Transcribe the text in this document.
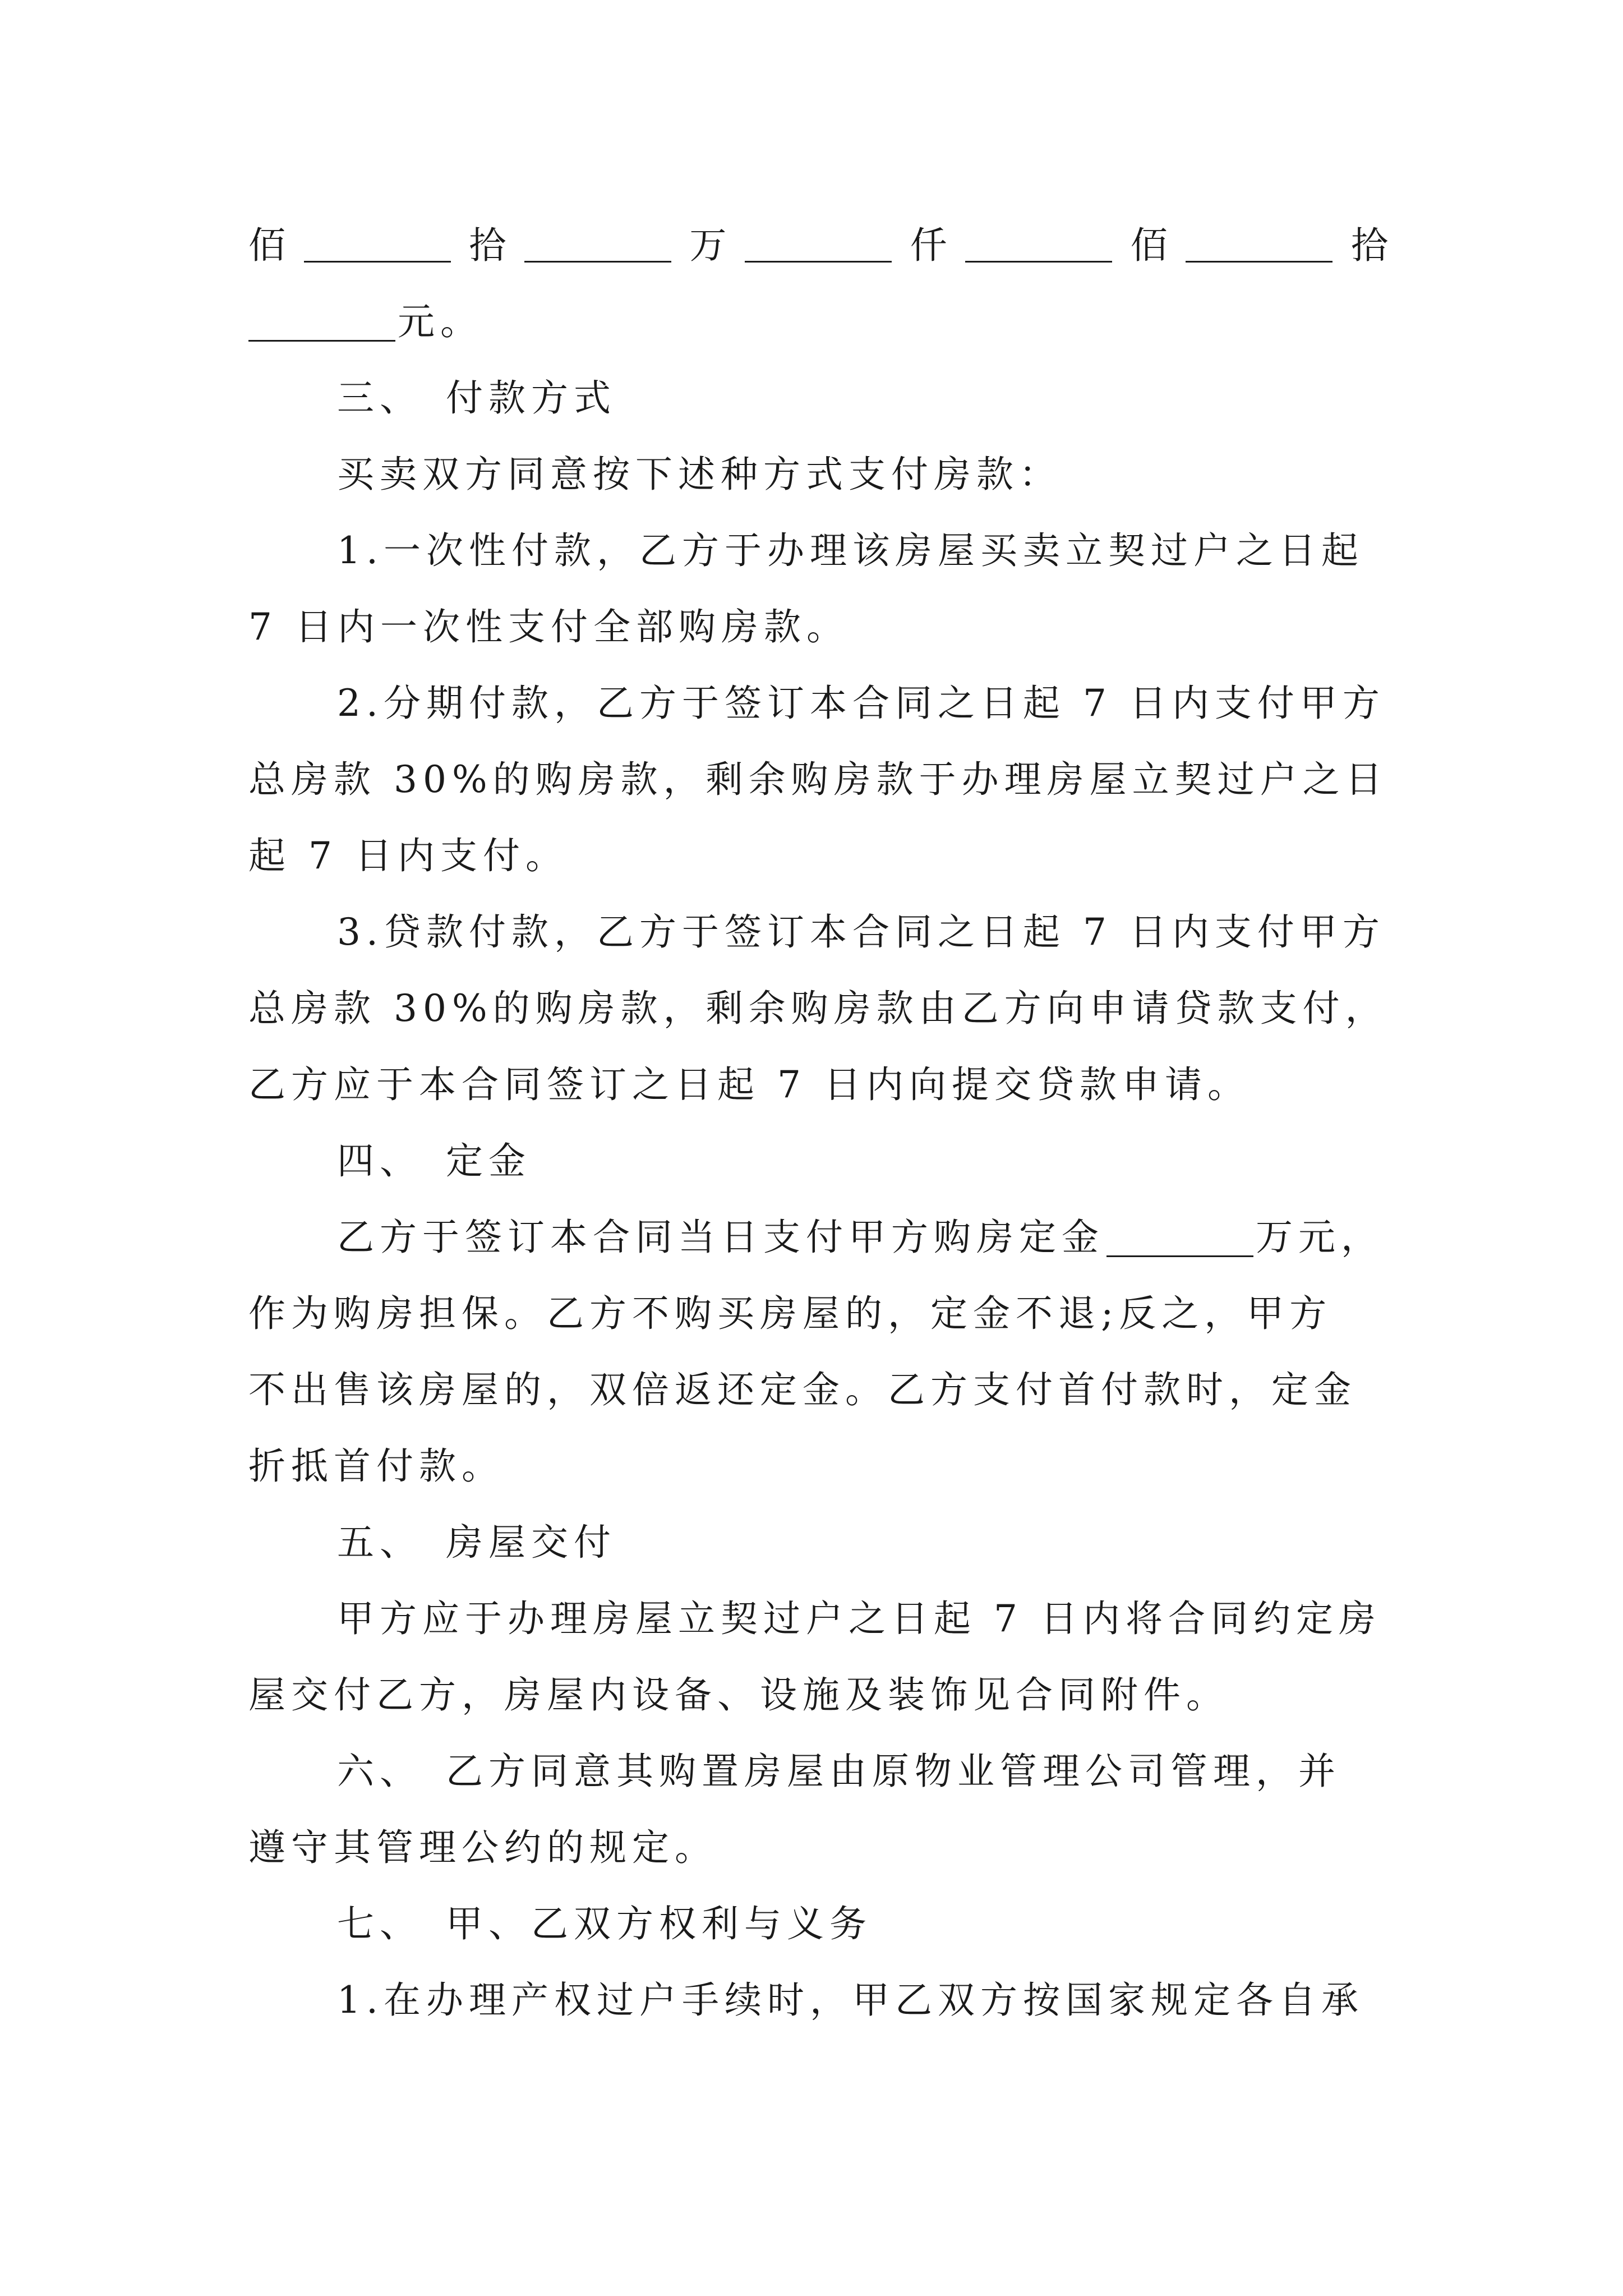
佰	拾	万	仟	佰	拾
元。
三、 付款方式
买卖双方同意按下述种方式支付房款：
1.一次性付款，乙方于办理该房屋买卖立契过户之日起
7 日内一次性支付全部购房款。
2.分期付款，乙方于签订本合同之日起 7 日内支付甲方
总房款 30%的购房款，剩余购房款于办理房屋立契过户之日
起 7 日内支付。
3.贷款付款，乙方于签订本合同之日起 7 日内支付甲方
总房款 30%的购房款，剩余购房款由乙方向申请贷款支付，
乙方应于本合同签订之日起 7 日内向提交贷款申请。
四、 定金
乙方于签订本合同当日支付甲方购房定金	万元，
作为购房担保。乙方不购买房屋的，定金不退;反之，甲方
不出售该房屋的，双倍返还定金。乙方支付首付款时，定金
折抵首付款。
五、 房屋交付
甲方应于办理房屋立契过户之日起 7 日内将合同约定房
屋交付乙方，房屋内设备、设施及装饰见合同附件。
六、 乙方同意其购置房屋由原物业管理公司管理，并
遵守其管理公约的规定。
七、 甲、乙双方权利与义务
1.在办理产权过户手续时，甲乙双方按国家规定各自承
